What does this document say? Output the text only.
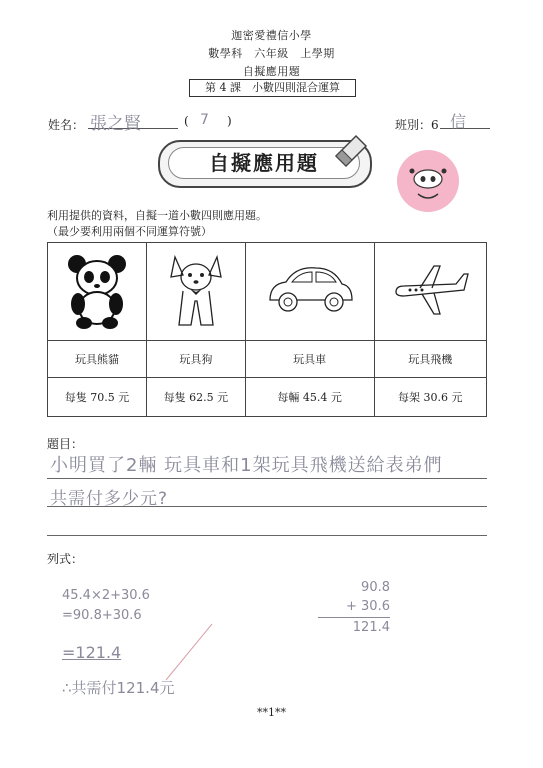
迦密愛禮信小學
數學科　六年級　上學期
自擬應用題
第 4 課　小數四則混合運算
姓名： 張之賢	( 7 )	班別：6 信
自擬應用題
利用提供的資料，自擬一道小數四則應用題。
（最少要利用兩個不同運算符號）

玩具熊貓	玩具狗	玩具車	玩具飛機
每隻 70.5 元	每隻 62.5 元	每輛 45.4 元	每架 30.6 元
題目：
小明買了2輛 玩具車和1架玩具飛機送給表弟們
共需付多少元?
列式：
45.4×2+30.6
=90.8+30.6
=121.4
∴共需付121.4元
90.8
+ 30.6
121.4
**1**
